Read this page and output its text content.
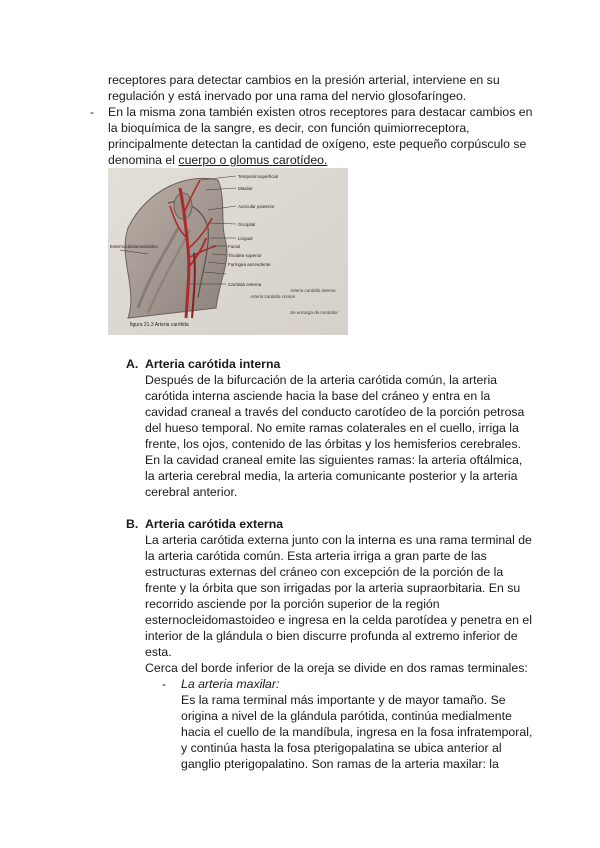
receptores para detectar cambios en la presión arterial, interviene en su
regulación y está inervado por una rama del nervio glosofaríngeo.
- En la misma zona también existen otros receptores para destacar cambios en
la bioquímica de la sangre, es decir, con función quimiorreceptora,
principalmente detectan la cantidad de oxígeno, este pequeño corpúsculo se
denomina el cuerpo o glomus carotídeo.
Temporal superficial
Maxilar
Auricular posterior
Occipital
Lingual
Facial
Tiroidea superior
Faríngea ascendente
Carótida externa
Esternocleidomastoideo
Arteria carótida común
Arteria carótida interna
Se encarga de controlar
figura 21.3 Arteria carótida
A. Arteria carótida interna
Después de la bifurcación de la arteria carótida común, la arteria
carótida interna asciende hacia la base del cráneo y entra en la
cavidad craneal a través del conducto carotídeo de la porción petrosa
del hueso temporal. No emite ramas colaterales en el cuello, irriga la
frente, los ojos, contenido de las órbitas y los hemisferios cerebrales.
En la cavidad craneal emite las siguientes ramas: la arteria oftálmica,
la arteria cerebral media, la arteria comunicante posterior y la arteria
cerebral anterior.
B. Arteria carótida externa
La arteria carótida externa junto con la interna es una rama terminal de
la arteria carótida común. Esta arteria irriga a gran parte de las
estructuras externas del cráneo con excepción de la porción de la
frente y la órbita que son irrigadas por la arteria supraorbitaria. En su
recorrido asciende por la porción superior de la región
esternocleidomastoideo e ingresa en la celda parotídea y penetra en el
interior de la glándula o bien discurre profunda al extremo inferior de
esta.
Cerca del borde inferior de la oreja se divide en dos ramas terminales:
- La arteria maxilar:
Es la rama terminal más importante y de mayor tamaño. Se
origina a nivel de la glándula parótida, continúa medialmente
hacia el cuello de la mandíbula, ingresa en la fosa infratemporal,
y continúa hasta la fosa pterigopalatina se ubica anterior al
ganglio pterigopalatino. Son ramas de la arteria maxilar: la
